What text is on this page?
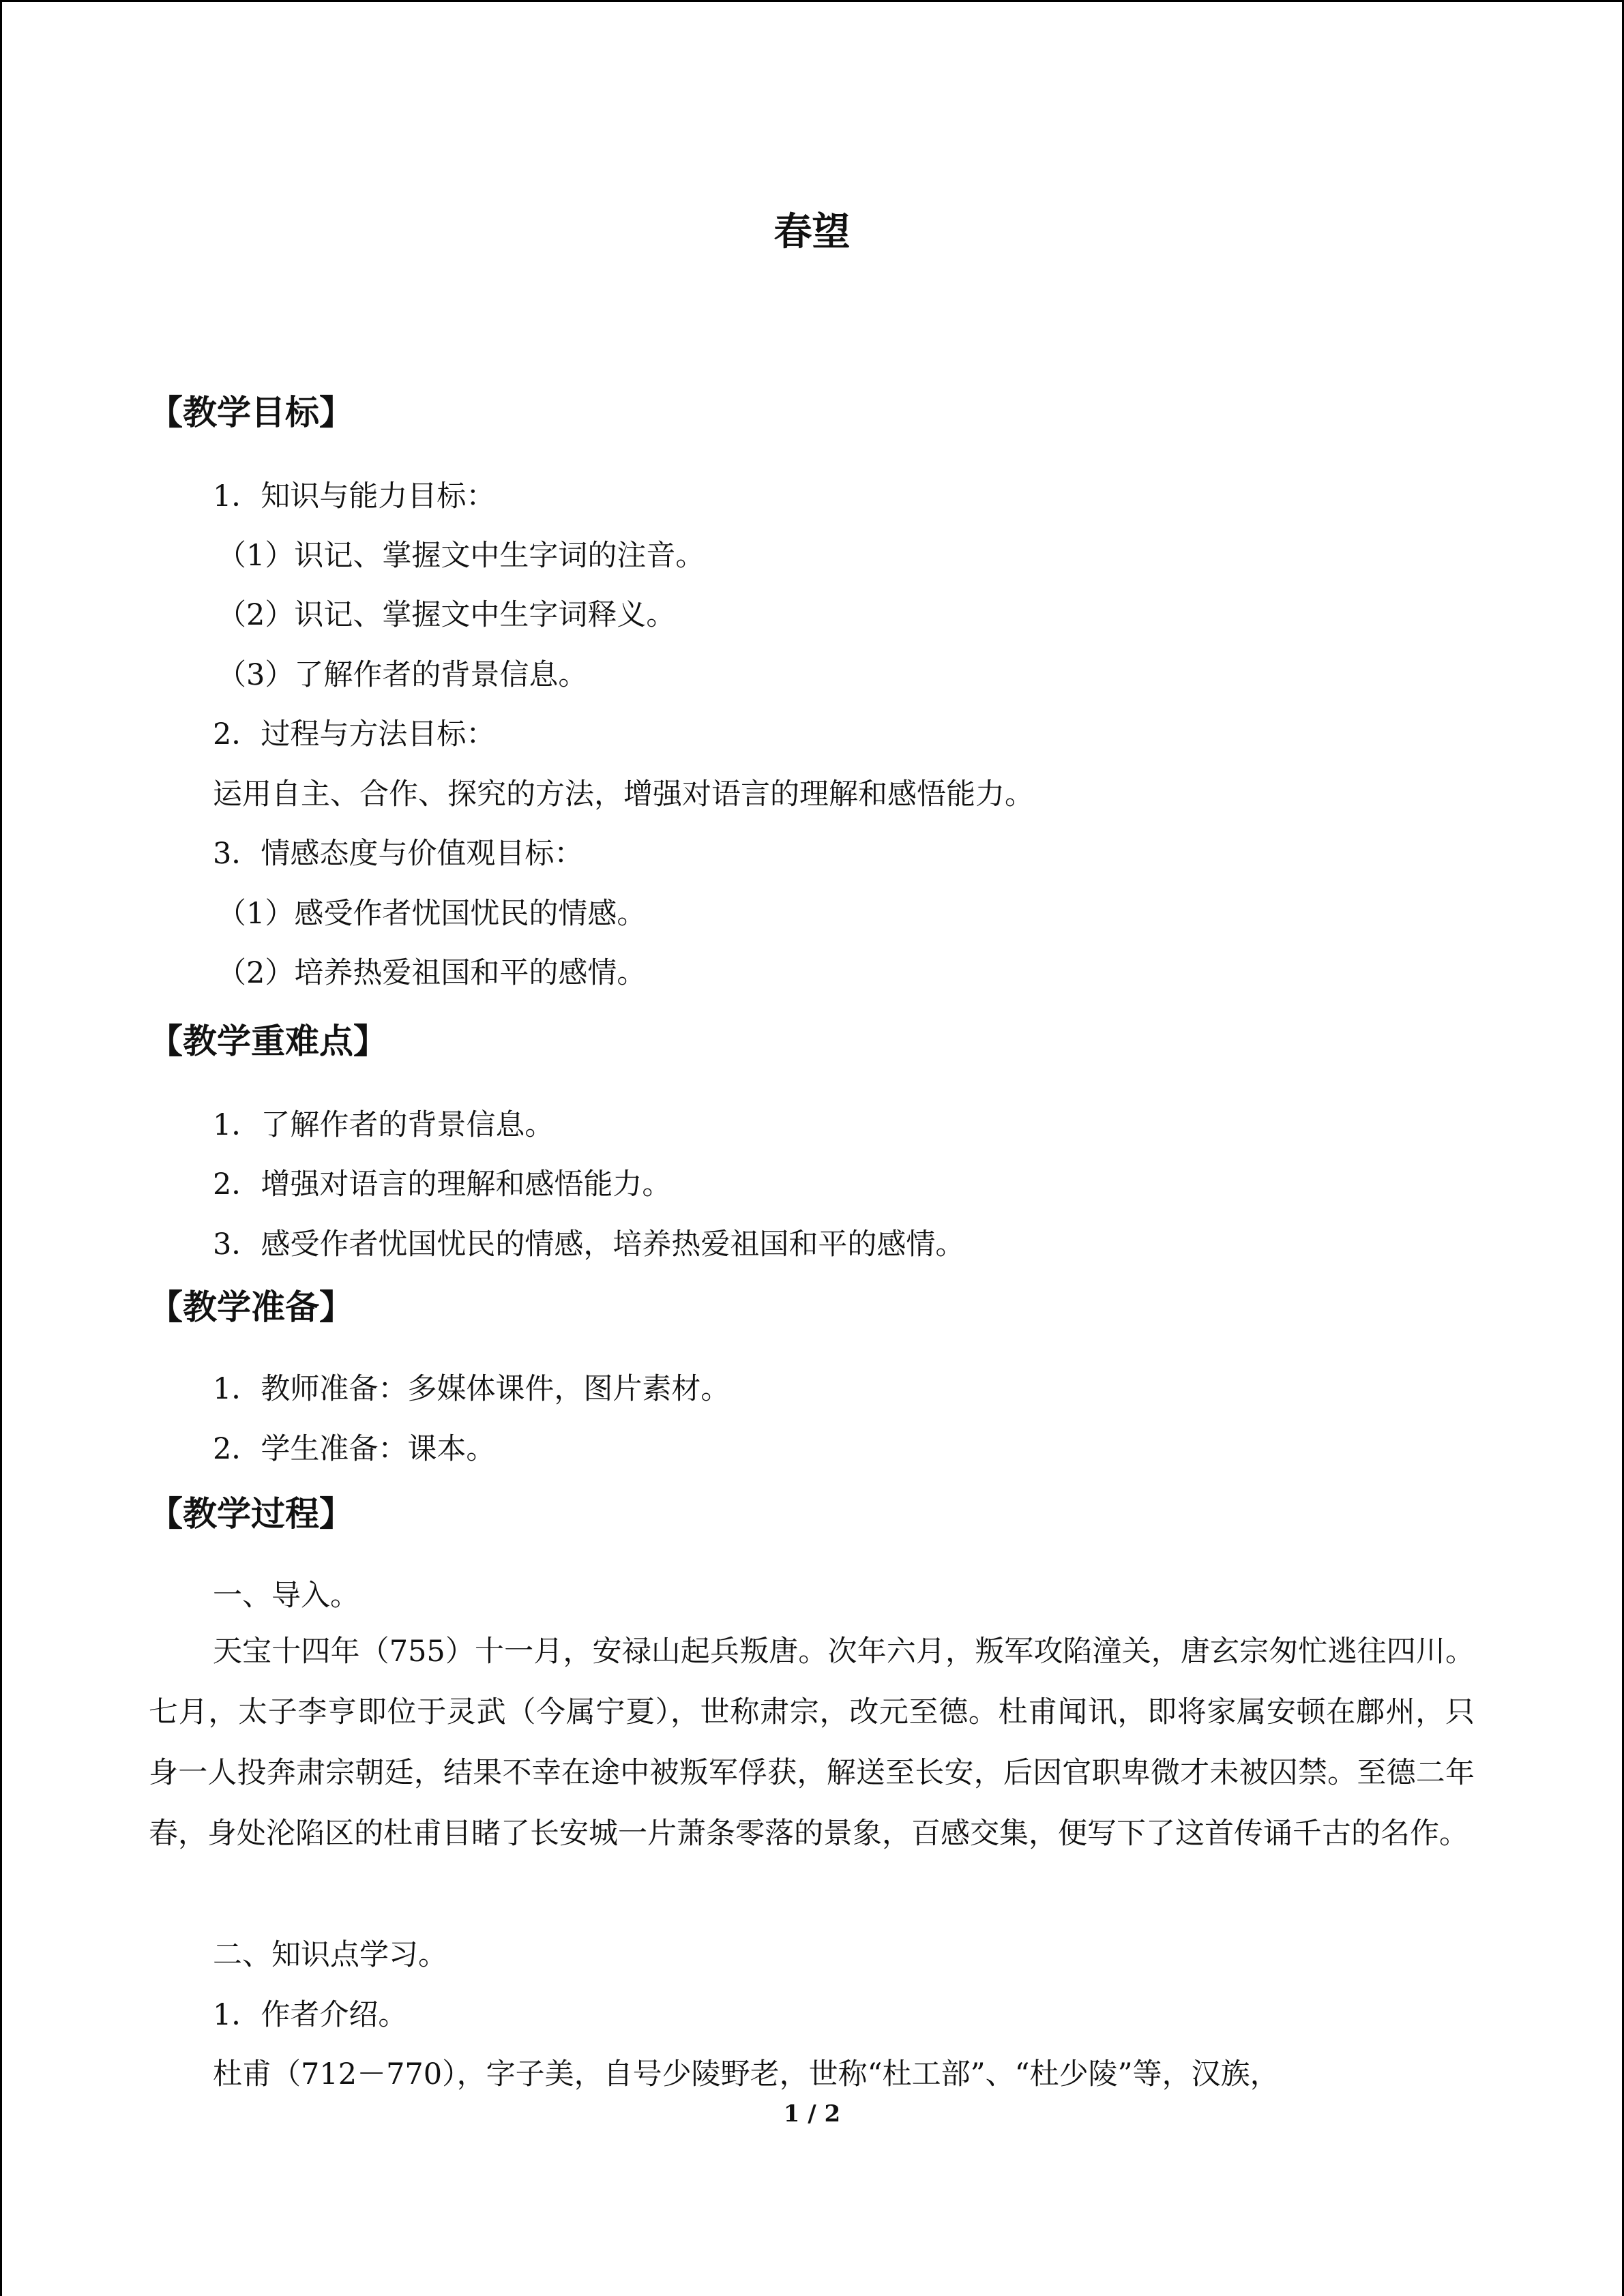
春望
【教学目标】
1．知识与能力目标：
（1）识记、掌握文中生字词的注音。
（2）识记、掌握文中生字词释义。
（3）了解作者的背景信息。
2．过程与方法目标：
运用自主、合作、探究的方法，增强对语言的理解和感悟能力。
3．情感态度与价值观目标：
（1）感受作者忧国忧民的情感。
（2）培养热爱祖国和平的感情。
【教学重难点】
1．了解作者的背景信息。
2．增强对语言的理解和感悟能力。
3．感受作者忧国忧民的情感，培养热爱祖国和平的感情。
【教学准备】
1．教师准备：多媒体课件，图片素材。
2．学生准备：课本。
【教学过程】
一、导入。
天宝十四年（755）十一月，安禄山起兵叛唐。次年六月，叛军攻陷潼关，唐玄宗匆忙逃往四川。七月，太子李亨即位于灵武（今属宁夏），世称肃宗，改元至德。杜甫闻讯，即将家属安顿在鄜州，只身一人投奔肃宗朝廷，结果不幸在途中被叛军俘获，解送至长安，后因官职卑微才未被囚禁。至德二年春，身处沦陷区的杜甫目睹了长安城一片萧条零落的景象，百感交集，便写下了这首传诵千古的名作。
二、知识点学习。
1．作者介绍。
杜甫（712－770），字子美，自号少陵野老，世称“杜工部”、“杜少陵”等，汉族，
1 / 2
